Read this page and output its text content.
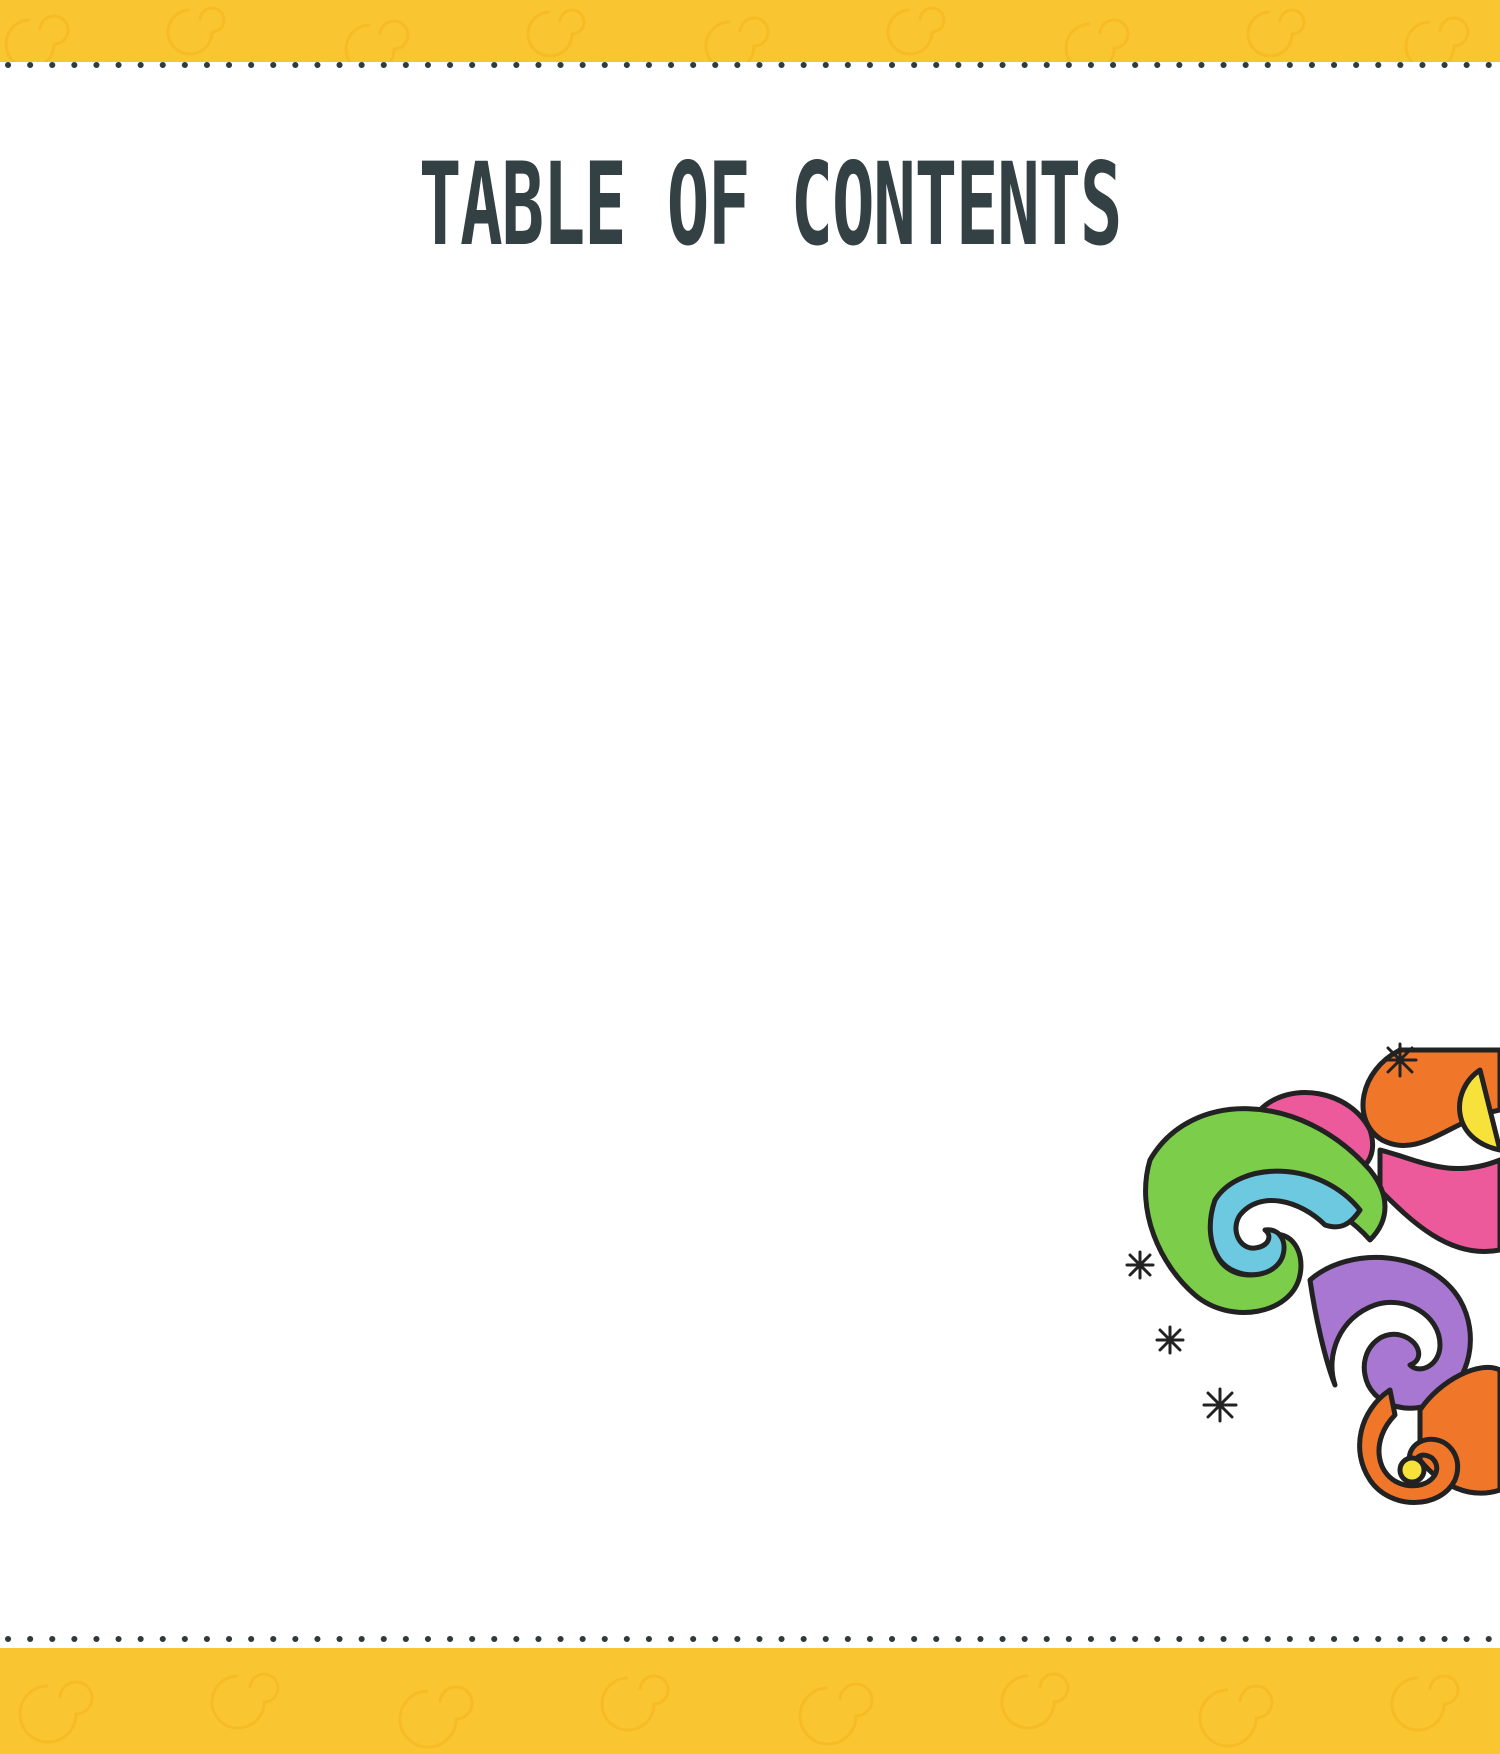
TABLE OF CONTENTS
